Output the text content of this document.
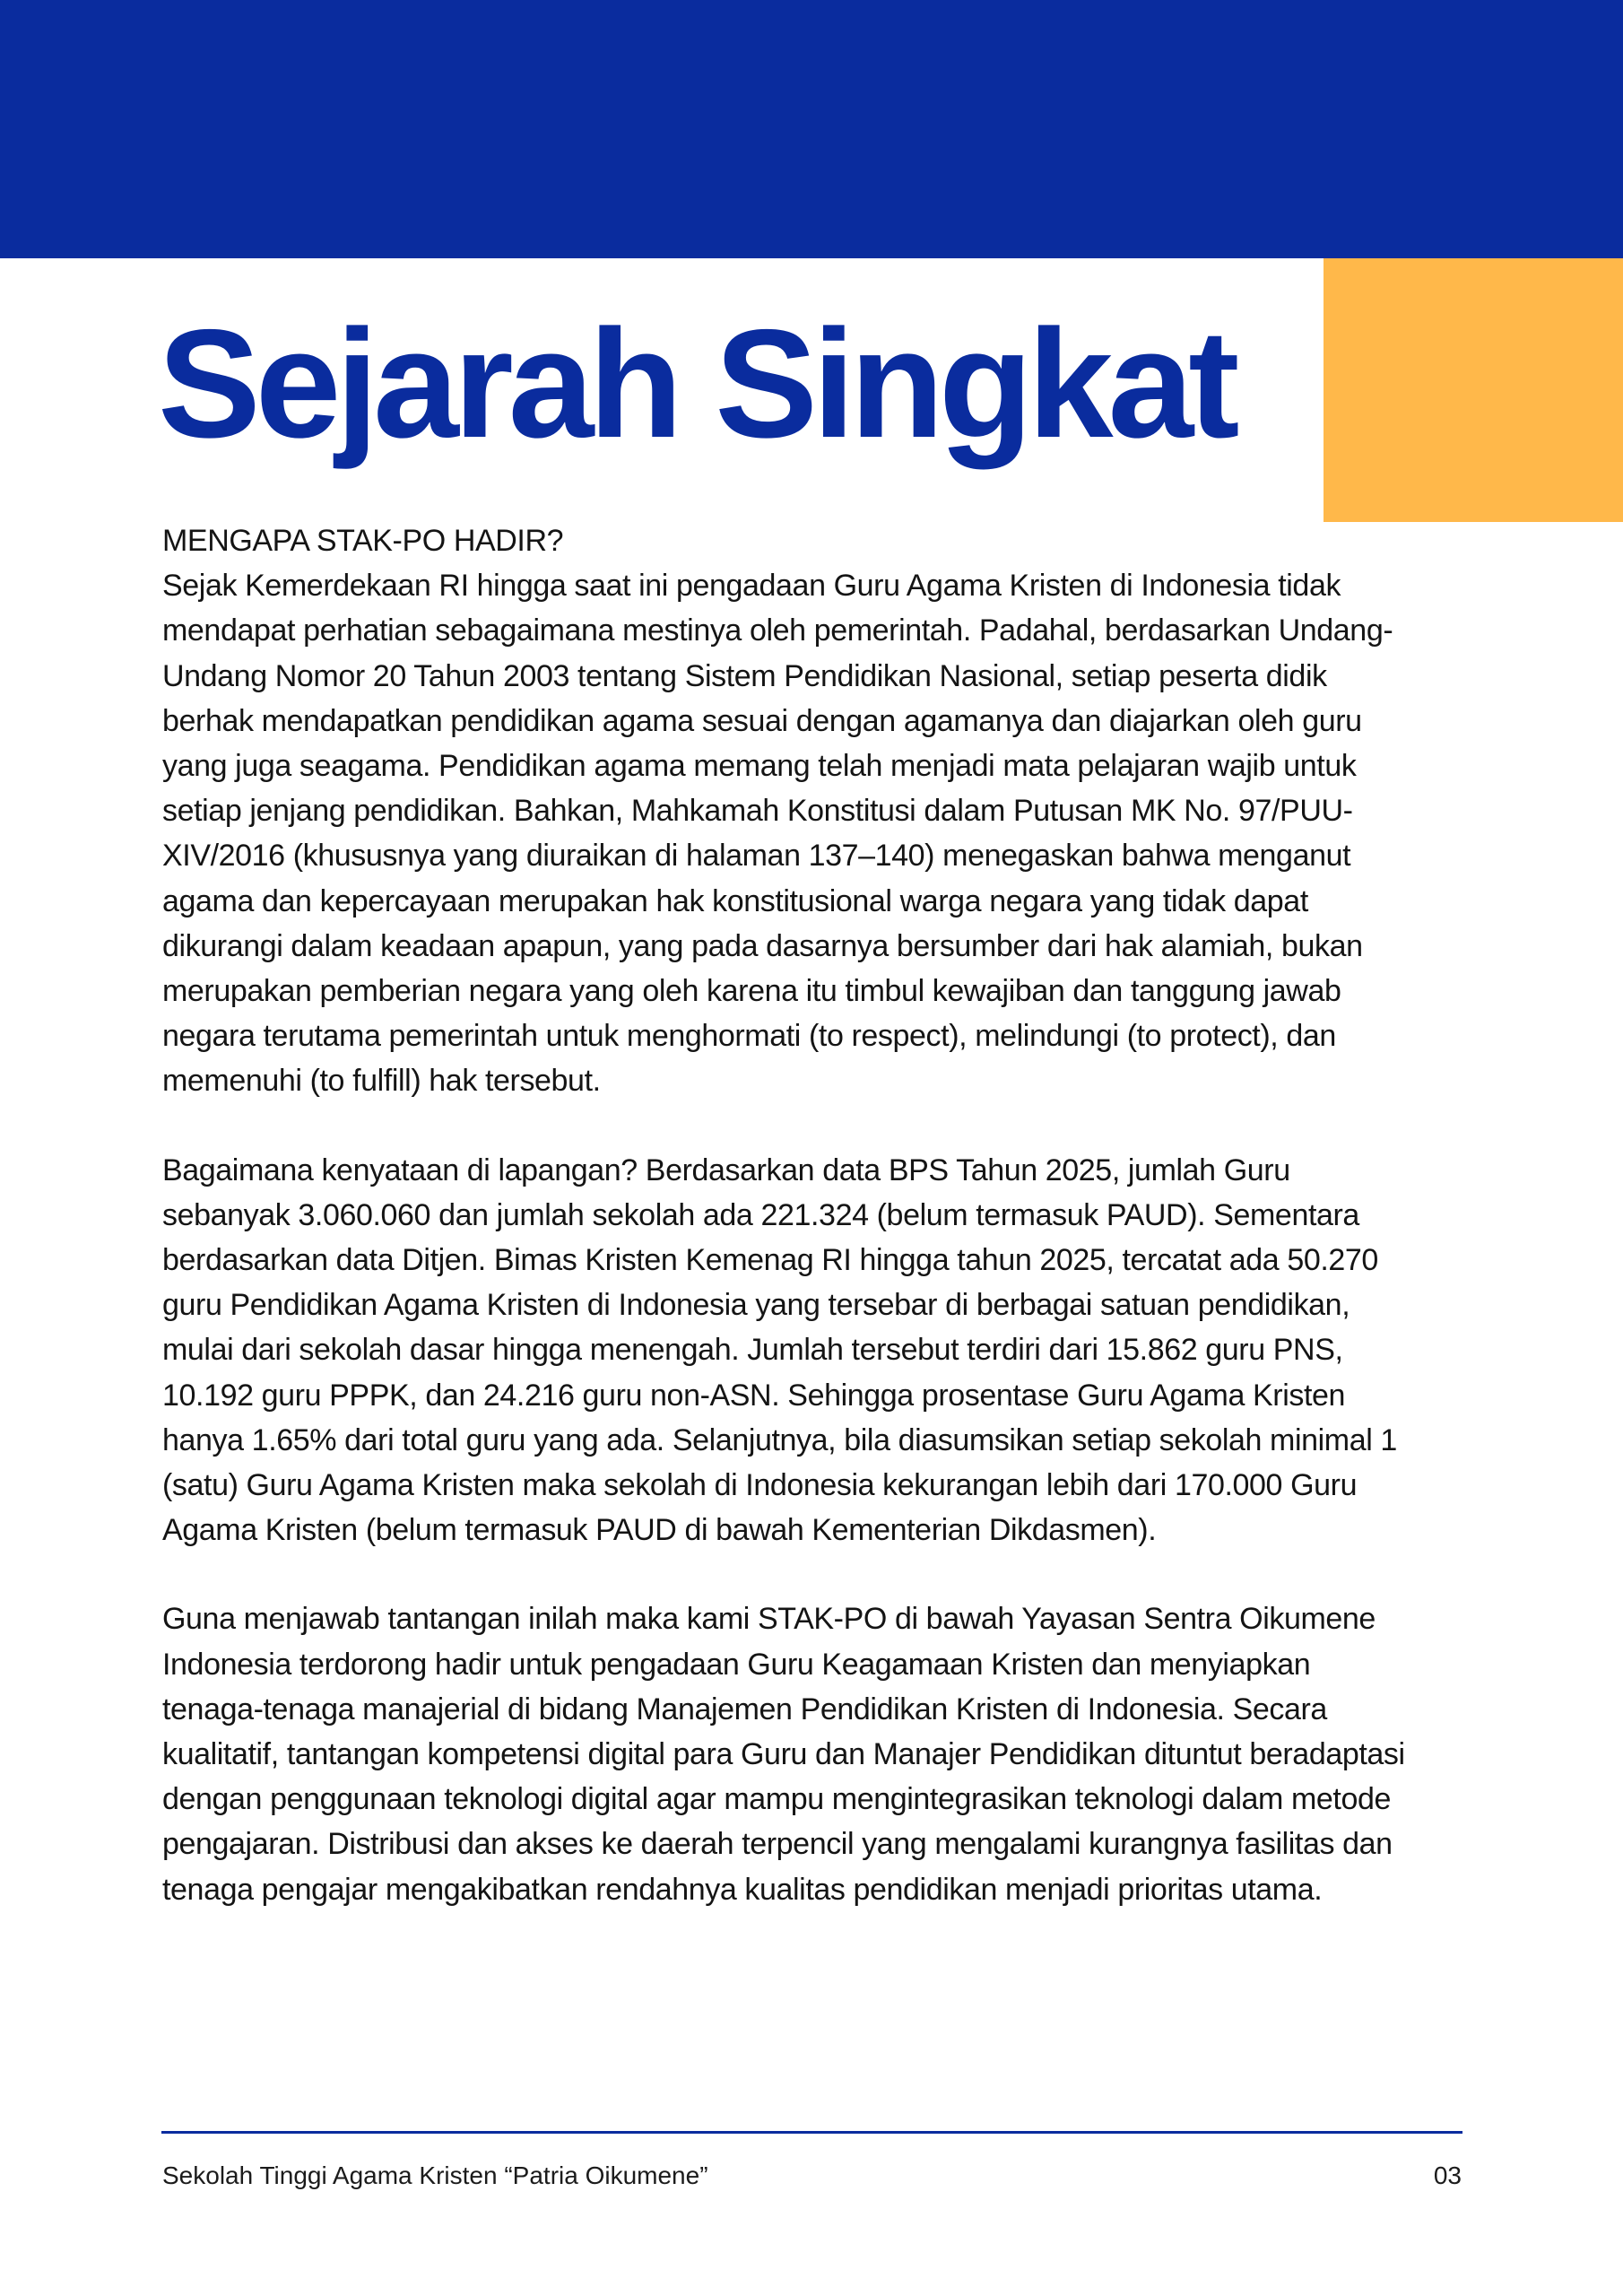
Sejarah Singkat

MENGAPA STAK-PO HADIR?
Sejak Kemerdekaan RI hingga saat ini pengadaan Guru Agama Kristen di Indonesia tidak mendapat perhatian sebagaimana mestinya oleh pemerintah. Padahal, berdasarkan Undang-Undang Nomor 20 Tahun 2003 tentang Sistem Pendidikan Nasional, setiap peserta didik berhak mendapatkan pendidikan agama sesuai dengan agamanya dan diajarkan oleh guru yang juga seagama. Pendidikan agama memang telah menjadi mata pelajaran wajib untuk setiap jenjang pendidikan. Bahkan, Mahkamah Konstitusi dalam Putusan MK No. 97/PUU-XIV/2016 (khususnya yang diuraikan di halaman 137–140) menegaskan bahwa menganut agama dan kepercayaan merupakan hak konstitusional warga negara yang tidak dapat dikurangi dalam keadaan apapun, yang pada dasarnya bersumber dari hak alamiah, bukan merupakan pemberian negara yang oleh karena itu timbul kewajiban dan tanggung jawab negara terutama pemerintah untuk menghormati (to respect), melindungi (to protect), dan memenuhi (to fulfill) hak tersebut.

Bagaimana kenyataan di lapangan? Berdasarkan data BPS Tahun 2025, jumlah Guru sebanyak 3.060.060 dan jumlah sekolah ada 221.324 (belum termasuk PAUD). Sementara berdasarkan data Ditjen. Bimas Kristen Kemenag RI hingga tahun 2025, tercatat ada 50.270 guru Pendidikan Agama Kristen di Indonesia yang tersebar di berbagai satuan pendidikan, mulai dari sekolah dasar hingga menengah. Jumlah tersebut terdiri dari 15.862 guru PNS, 10.192 guru PPPK, dan 24.216 guru non-ASN. Sehingga prosentase Guru Agama Kristen hanya 1.65% dari total guru yang ada. Selanjutnya, bila diasumsikan setiap sekolah minimal 1 (satu) Guru Agama Kristen maka sekolah di Indonesia kekurangan lebih dari 170.000 Guru Agama Kristen (belum termasuk PAUD di bawah Kementerian Dikdasmen).

Guna menjawab tantangan inilah maka kami STAK-PO di bawah Yayasan Sentra Oikumene Indonesia terdorong hadir untuk pengadaan Guru Keagamaan Kristen dan menyiapkan tenaga-tenaga manajerial di bidang Manajemen Pendidikan Kristen di Indonesia. Secara kualitatif, tantangan kompetensi digital para Guru dan Manajer Pendidikan dituntut beradaptasi dengan penggunaan teknologi digital agar mampu mengintegrasikan teknologi dalam metode pengajaran. Distribusi dan akses ke daerah terpencil yang mengalami kurangnya fasilitas dan tenaga pengajar mengakibatkan rendahnya kualitas pendidikan menjadi prioritas utama.

Sekolah Tinggi Agama Kristen “Patria Oikumene”	03
